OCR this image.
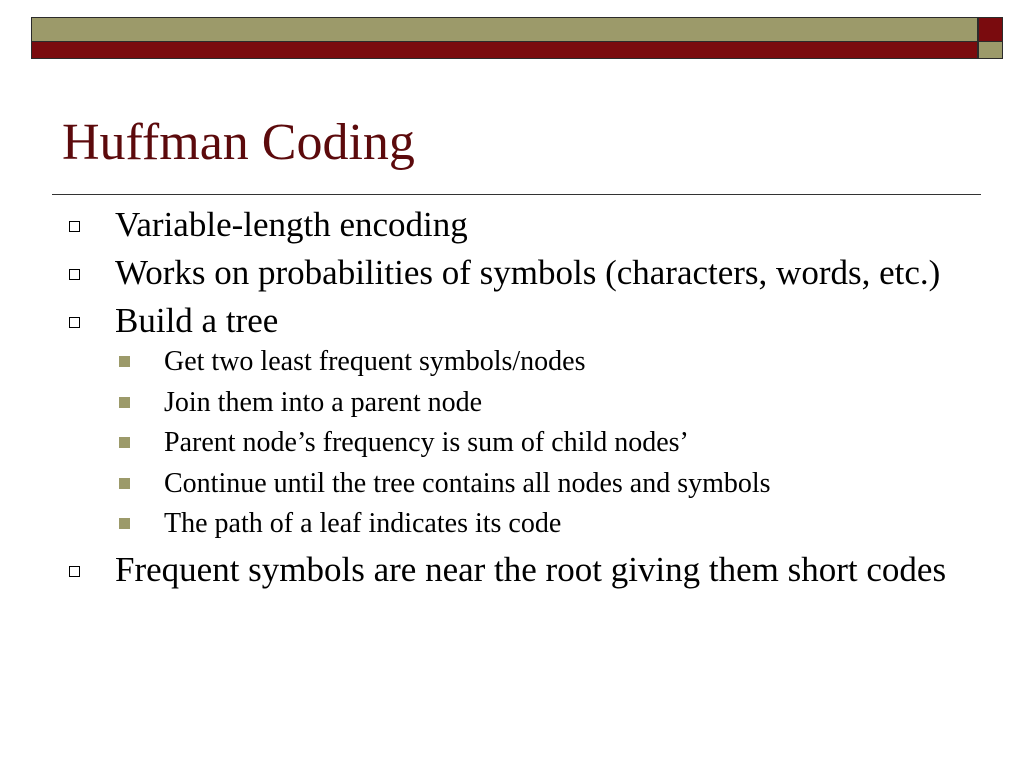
Huffman Coding
Variable-length encoding
Works on probabilities of symbols (characters, words, etc.)
Build a tree
Get two least frequent symbols/nodes
Join them into a parent node
Parent node’s frequency is sum of child nodes’
Continue until the tree contains all nodes and symbols
The path of a leaf indicates its code
Frequent symbols are near the root giving them short codes
